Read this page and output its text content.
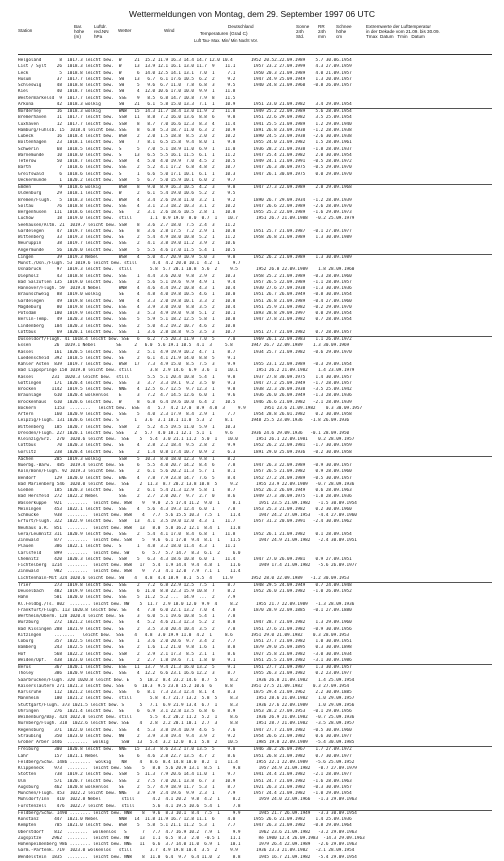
Wettermeldungen von Montag, dem 29. September 1997 06 UTC
Station
Bar.
höhe
(m)
Luftdr.
red.NN
hPa
Wetter	Wind
Deutschland
Temperaturen (Grad C)
Luft Tau- Max. Min/ Min Nacht Vor.
Sonne
24h
Std.
RR
24h
mm
Schnee
höhe
cm
Extremwerte der Lufttemperatur
in der Dekade vom 21.09. bis 30.09.
Tmax  Datum   Tmin   Datum
Helgoland       8  1017.3 leicht bew.  W     21  15.2 11.9 16.3 14.4 14.7 12.0 10.4       1952 20.52.22.09.1989    5.7 30.06.1954
List / Sylt    26  1018.3 leicht bew.  W     13  13.9 12.1 16.1 13.0 11.7  9    11.1       1957 23.2 27.09.1999    4.3 27.09.1959
Leck            5  1018.8 leicht bew.  W      6  14.0 12.5 14.1 13.1  7.0  1     7.1       1950 20.3 21.09.1989    4.0 21.09.1957
Husum          37  1017.7 leicht bew.  SW    13   6.7  6.1 17.6 10.5  6.2  2     9.2       1947 24.9 25.09.1949    1.3 20.09.1957
Schleswig      48  1018.8 leicht bew.  SW     5   9.6  6.7 11.0  7.8  6.8  3     9.5       1940 24.8 21.09.1960   -0.8 26.09.1957
Kiel           40  1018.7 leicht bew.  SW     4  12.0 10.6 17.0 10.0  9.9  1    11.8
Westermarkelsd  9  1017.7 leicht bew.  SSE    9   8.5  6.8 14.7 10.8  7.9  8    11.5
Arkona         42  1018.3 wolkig       SW    21   6.1  5.8 15.0 13.3  7.1  1    10.9       1951 23.0 21.09.1982    3.4 29.09.1954
Norderney      16  1018.3 wolkig       WNW   15  14.3 11.7 18.4 13.0 11.9  2    11.8       1949 25.2 22.09.1989    5.6 28.09.1954
Bremerhaven    11  1017.7 leicht bew.  SSW   11   8.8  7.2 16.0 13.6  8.8  6     9.8       1951 22.6 29.09.1982    3.5 25.09.1954
Cuxhaven       12  1017.7 leicht bew.  SSW    8   8.7  7.0 16.6 12.3  8.3  4    11.4       1941 25.5 21.09.1989    1.2 29.09.1940
Hamburg/Fuhlsb. 15  1018.4 leicht bew. SSE    8   6.8  5.3 18.7 11.0  6.3  2    10.9       1891 26.8 23.09.1938   -1.2 28.09.1938
Lübeck         16  1018.4 leicht bew.  WSW    2   2.0  1.5 18.8  8.5  2.0  2    10.2       1890 24.5 23.09.1938   -2.6 30.09.1938
Boltenhagen    23  1018.1 leicht bew.  SW     7   8.1  6.5 15.8  9.4  8.0  1     9.8       1955 24.0 21.09.1982    1.5 28.09.1961
Schwerin       68  1018.5 leicht bew.  S      5   7.0  5.1 18.9 11.0  6.9  1    11.0       1936 28.2 21.09.1938   -1.8 28.09.1937
Warnemünde     10  1018.0 leicht bew.  S     13   6.5  5.5 16.1 11.5  6.1  1    11.2       1947 25.4 21.09.1982    2.0 30.09.1954
Teterow        50  1018.7 leicht bew.  SSW    4   5.0  4.0 19.9  7.0  4.5  2    10.5       1949 24.1 21.09.1991   -0.5 28.09.1972
Barth           7  1018.6 leicht bew.  SSE    2   5.2  4.1 17.2  6.8  4.8  2    10.7       1947 26.3 30.09.1975   -0.5 29.09.1970
Greifswald      6  1018.6 leicht bew.  S      1   6.6  5.0 17.1 10.1  6.1  1    10.3       1947 26.1 30.09.1975    0.0 29.09.1970
Ueckermünde     1  1020.2 leicht bew.  SSW    5   6.7  5.0 15.9 10.1  6.0  2     9.7
Emden           9  1018.6 wolkig       WSW    8   9.0  8.9 16.3 10.5  4.2  3     9.8       1947 27.3 22.09.1989    2.8 29.09.1968
Oldenburg      29  1018.1 leicht bew.  W      2   6.1  5.4 19.0 10.6  5.2  2     9.5
Bremen/Flugh.   5  1018.3 leicht bew.  WSW    4   3.4  2.6 19.8 11.0  3.2  1     9.2       1890 26.7 29.09.1934   -1.2 28.09.1939
Soltau         76  1018.8 leicht bew.  SSE    4   3.1  2.3 18.2 10.3  3.1  2    10.2       1947 26.6 22.09.1989   -2.6 28.09.1970
Bergenhusen   111  1018.6 leicht bew.  SE     2   3.1  2.6 18.6 10.5  2.8  1    10.8       1955 25.2 22.09.1989   -1.6 29.09.1973
Lüchow         18  1019.0 leicht bew.  still       1.1  0.9 19.0  8.0  0.7  1    10.7       1951 26.7 21.09.1988   -0.2 25.09.1979
Seehausen/Altm. 21  1019.7 leicht bew. SSW    8   3.6  2.7 18.0  7.5  2.4  3    11.2
Gardelegen     47  1019.7 leicht bew.  SE     8   3.6  2.8 17.5  7.2  2.9  1    10.8       1951 25.7 21.09.1987   -0.1 27.09.1977
Wittenberg     33  1019.3 leicht bew.  SE     2   5.4  4.9 18.0 10.8  5.2  1    11.2       1958 26.8 21.09.1989    1.3 30.09.1989
Neuruppin      38  1019.7 leicht bew.  SSE    2   4.1  3.8 19.0 11.2  3.9  2    10.6
Angermünde     56  1020.0 leicht bew.  SSW    5   5.5  4.6 17.0 11.5  5.4  1    10.5
Lingen         39  1019.3 Nebel        WSW    4   5.0  4.7 20.9 10.9  5.0  3     9.8       1952 26.2 21.09.1989    1.3 30.09.1989
Münst./Osn./Flugh. 53 1019.6 leicht bew. still      4.4  4.2 20.0 10.1  4.2  1     9.7
Osnabrück      97  1019.3 leicht bew.  still       5.8  5.7 20.1 10.8  5.6  2     9.5       1952 26.8 22.09.1989    1.8 28.09.1960
Diepholz       43  1018.8 leicht bew.  SSE    1   4.4  3.6 20.0  9.8  2.9  2    10.3       1958 25.2 21.09.1989   -0.3 28.09.1960
Bad Salzuflen 135  1019.0 leicht bew.  SSE    2   5.6  5.1 19.6  9.9  4.9  1     9.4       1957 26.5 22.09.1989   -1.1 28.09.1957
Hannover/Flugh. 59  1019.4 Nebel       WNW    4   4.6  4.4 19.2 10.8  4.3  1    10.4       1930 27.6 27.09.1938   -1.3 30.09.1936
Braunschweig   88  1019.0 wolkig       SE     4   4.8  4.0 19.8 10.5  4.6  1    10.0       1951 26.7 26.09.1949   -0.8 30.09.1954
Gardelegen     49  1019.8 leicht bew.  SW     4   3.3  2.0 19.8 10.1  3.3  2    10.8       1951 26.8 21.09.1989   -0.4 27.09.1960
Magdeburg      80  1019.8 leicht bew.  ESE    4   3.9  3.0 19.0  8.8  3.5  2    10.4       1951 25.9 21.09.1982   -0.2 29.09.1970
Potsdam       100  1019.9 leicht bew.  SSE    3   5.3  4.9 19.0  9.8  5.1  2    10.1       1893 28.8 29.09.1997    0.0 29.09.1954
Berlin-Temp.   49  1020.3 leicht bew.  SSE    5   5.9  5.1 18.2 12.5  5.8  1    10.8       1947 27.8 21.09.1982    0.7 28.09.1954
Lindenberg    104  1020.3 leicht bew.  SSE    2   5.0  4.2 19.2 10.7  4.6  2    10.8
Cottbus        69  1020.1 leicht bew.  SSE    1   3.6  2.8 18.8  9.5  3.5  3    10.7       1951 27.7 21.09.1982    0.7 28.09.1957
Düsseldorf/Flugh. 41 1018.4 leicht bew. SSE   6   6.2  7.5 20.3 11.9  7.0  5     7.0       1969 26.1 22.09.1983    1.1 26.09.1972
Essen         26  1019.1 Nebel        SE     2   6.0  5.6 19.1 10.5  4.1  3     5.8       1947 26.7 22.09.1989    1.3 30.09.1969
Kassel        161  1020.5 leicht bew.  SSE    2   5.1  4.9 19.9 10.2  4.7  1     8.7       1934 25.7 21.09.1982   -0.6 29.09.1970
Luedenscheid  392  1018.5 leicht bew.  SE     2   6.1  4.1 21.9 14.0  8.8  5     9.1
Kahler Asten  839  1019.7 leicht bew.  WSW   17   7.3  4.9 15.0  8.5  7.5  3     9.9       1955 23.1 22.09.1989   -0.3 29.09.1954
Bad Lippspringe 158 1019.8 leicht bew. still       3.8  2.9 14.6  6.9  3.6  1    10.1       1951 26.2 21.09.1982    1.4 23.09.1979
Kassel       231  1020.3 leicht bew.  still       5.5  5.1 20.4 10.8  5.4  1     9.8       1937 27.8 30.09.1975    1.4 30.09.1957
Göttingen     171  1020.4 leicht bew.  SSE    3   3.7  3.3 19.1  9.2  3.5  0     9.3       1947 27.2 25.09.1949   -1.7 28.09.1957
Brocken      1142  1019.5 leicht bew.  NNE    4  12.5  6.7 12.5  9.7 12.3  1     9.8       1938 22.3 20.09.1938   -3.5 25.09.1942
Braunlage     610  1020.4 wolkenlos    E      3   7.2  4.7 14.5 12.6  6.0  1     9.6       1936 26.0 26.09.1949   -1.3 28.09.1936
Brockenhaus   610  1020.6 leicht bew.  W      8   6.8  6.4 19.6 10.0  6.4  2    10.5       1946 26.6 21.09.1982   -2.1 28.09.1939
Bockern       1153  ........   leicht bew.  ESE   4   5.7  4.2 17.0  8.9  4.8  3     9.9       1951 23.6 21.09.1982    0.3 30.09.1957
Artern        160  1020.9 leicht bew.  SSE    5   4.0  2.3 17.9  8.4  2.9  1     7.7       1954 28.8 26.01.1982    0.2 30.09.1958
Leipzig/Flugh. 131 1020.6 leicht bew. S      1   3.6  3.1 18.1 11.0  5.3  2     8.1       1948 25.5 23.09.1936   -1.8 26.09.1936
Wittenberg    105  1020.7 leicht bew.  SSW    2   5.2  4.5 19.5 11.0  5.9  1    10.3
Dresden/Flugh. 227 1020.1 leicht bew. SSE    2   5.7  4.0 18.1 12.1  5.1  1     9.6       1936 24.6 29.09.1936   -0.1 28.09.1950
Kleinzig/Erz.  270  1020.6 leicht bew.  SSE    5   5.4  3.0 21.1 11.2  5.0  1    10.0       1951 26.1 22.09.1981    0.2 28.09.1957
Cottbus        70  1020.3 leicht bew.  SE     4   2.8  2.2 18.4  9.5  2.8  2     9.9       1952 26.2 22.09.1981   -1.7 30.09.1959
Görlitz       238  1020.4 leicht bew.  SE     2   1.4  0.8 17.4 10.7  0.9  2     6.3       1891 29.0 25.09.1936   -0.2 30.09.1958
Aachen        205  1019.3 wolkig       SSW    5  10.3  8.0 18.0 12.3  9.8  1     8.2
Nuerbg.-Barw.  485  1019.4 leicht bew. SE     6   5.5  4.0 20.7 14.2  8.4  6     7.8       1947 26.3 22.09.1989   -0.9 30.09.1957
Köln/Bonn/Flugh. 92 1019.3 leicht bew. SE     2   6.1  5.6 20.2 11.3  5.7  1     8.1       1957 26.5 21.09.1982    0.9 28.09.1960
Bendorf       129  1020.0 leicht bew.  ENE    4   7.8  7.9 23.8 14.7  7.6  5     8.4       1952 27.2 24.09.1989   -0.5 30.09.1957
Bad Marienberg 546  1020.0 leicht bew.  SSE    2  11.3  8.7 20.2 13.8 10.8  5     9.2       1955 23.9 22.09.1989   -0.7 28.09.1936
Gießen        185  1020.3 leicht bew.  SE     2   6.1  5.4 21.3 12.9  5.8  1     8.7       1952 26.2 26.09.1949    0.6 28.09.1963
Bad Hersfeld  272  1022.2 Nebel        SSE    2   2.7  2.0 20.7  9.7  2.7  0     8.6       1949 27.3 30.09.1975   -1.8 28.09.1936
Wasserkuppe   921  ........  leicht bew. WSW    9   9.0  2.5 17.4 11.2  9.0  1     8.1       1951 23.5 21.09.1982   -1.5 30.09.1954
Meiningen     453  1022.1 leicht bew.  SSE    4   5.6  4.3 19.3 12.4  6.0  1     7.8       1953 25.3 21.09.1982    0.2 30.09.1960
Schmücke      938  ........  leicht bew. WSW    4   7.7  5.6 15.5 10.3  7.5  1    11.4       1947 24.2 27.09.1953   -4.4 27.09.1960
Erfurt/Flugh. 322  1022.9 leicht bew.  SSW   13   4.1  3.5 19.0 12.0  4.3  1    11.7       1957 31.2 20.09.1991   -2.4 30.09.1962
Neuhaus a.R.  851  ........  leicht bew. WSW   13   8.0  5.8 16.2 12.1  8.4  1    11.8
Gera/Leumnitz 311  1020.9 leicht bew.  SSE    2   5.4  4.1 17.0  8.4  6.8  1    11.8       1952 26.1 21.09.1982    0.1 28.09.1954
Zinnwald      877  ........  leicht bew. SSW    5   9.6  6.1 17.0  9.4  8.1  1    11.5       1947 24.9 21.09.1982   -2.4 30.09.1951
Plauen        386  1022.1 leicht bew.  S      1   4.8  3.2 18.0 11.4  4.3  1    11.1
Carlsfeld     899  ........  leicht bew. SW     6   5.7  5.7 14.7  8.3  6.1  2     6.0
Chemnitz      420  1020.3 leicht bew.  SSW    5   6.3  4.3 18.6 10.8  6.0  1    11.4       1947 27.0 26.09.1981    0.9 27.09.1951
Fichtelberg  1214  ........  leicht bew. WSW   17   5.4  1.9 14.4  9.4  4.8  1    11.6       1949 17.4 21.09.1982   -5.6 26.09.1977
Zinnwald      982  ........  leicht bew. WSW    9   7.3  4.1 12.0  7.9  7.1  1    11.4
Lichtenhain-Mit 324 1020.6 leicht bew. SW    4   4.8  4.4 18.9  8.1  5.5  4    11.9       1952 28.0 22.09.1989   -1.2 30.09.1953
Trier         273  1019.8 leicht bew.  SSE    2   7.2  6.8 22.9 12.5  7.5  1     8.7       1948 29.5 24.09.1949    0.7 24.09.1948
Deuselbach    482  1019.9 leicht bew.  SSE    6  11.0  8.8 22.3 15.9 10.8  7     8.2       1952 26.0 21.09.1982   -1.0 26.09.1952
Hahn          501  1020.0 leicht bew.  SSE    5  11.2  5.2 ...  14.9  ...  2     7.9
Kl.Feldbg./Ts. 802  ........ leicht bew. NW    5  11.7  2.9 18.0 12.0  9.9  4     8.2       1955 21.7 22.09.1989   -1.3 28.09.1936
Frankfurt/Flugh. 113 1020.8 leicht bew. SE    4   7.8  6.0 22.1 13.2  7.0  4     7.8       1870 28.9 22.09.1885   -0.1 27.09.1880
Wertheim/Oberm. 128 1020.4 leicht bew. SE     3   6.0  5.1 19.6 10.8  5.4  1     7.8
Würzburg      272  1021.2 leicht bew.  SE     4   5.2  4.6 21.3 12.3  5.2  2     8.8       1947 28.7 21.09.1982    1.3 29.09.1960
Bad Kissingen 288  1021.9 leicht bew.  SE     2   3.5  3.0 20.4 10.4  3.5  2     7.8       1951 27.6 21.09.1982   -0.9 30.09.1956
Kitzingen     ........   leicht bew.  SSE    4   4.8  3.0 19.9 11.0  4.2  1     8.6       1951 29.0 21.09.1982    0.3 28.09.1953
Coburg        357  1022.5 leicht bew.  SE     1   3.6  2.0 20.6  9.7  3.4  2     7.7       1951 27.7 21.09.1982    1.0 30.09.1951
Bamberg       243  1022.5 leicht bew.  SE     2   1.6  1.2 21.0  9.8  1.6  1     8.8       1879 29.0 25.09.1895    0.3 30.09.1898
Hof           568  1022.2 leicht bew.  SSW    2   2.9  2.1 17.3  8.5  2.1  1     8.6       1927 25.8 21.09.1982   -3.0 30.09.1934
Weiden/Opf.   438  1023.0 leicht bew.  SE     2   2.7  1.8 19.6  7.1  1.8  0     9.1       1951 25.5 21.09.1982   -3.1 30.09.1986
Berus         367  1020.1 leicht bew.  ESE   11  13.7  9.4 21.3 16.0 13.2  5     9.1       1951 27.7 21.09.1987    1.3 30.09.1957
Tholey        386  1020.9 leicht bew.  SSE    4  12.2  6.6 23.1 16.6 12.2  3     8.7       1955 26.3 21.09.1982    0.2 23.09.1977
Saarbrücken/Flugh. 320 1020.8 leicht bew. E    5  18.2  8.4 23.2 14.6  8.7  5     8.2       1936 26.8 21.09.1982    1.4 25.09.1954
Kaiserslautern 271 1021.3 leicht bew. SSE    6  10.3  9.5 23.8 15.2 10.6  6     8.8       1951 27.5 21.09.1982    0.3 27.09.1954
Karlsruhe     112  1021.2 leicht bew.  SSE    6   8.1  7.3 23.3 12.4  8.1  4     8.3       1875 29.4 21.09.1962    2.2 30.09.1885
Mannheim      100  1021.2 leicht bew.  still       5.8  4.7 21.7 13.2  5.8  5     8.3       1951 28.6 21.09.1982    1.0 29.09.1957
Stuttgart/Flugh. 373 1021.5 leicht bew. S      5   7.1  6.9 21.9 13.4  6.7  1     8.3       1936 27.6 22.09.1989    1.0 29.09.1956
Öhringen      276  1021.4 leicht bew.  SE     6   6.9  3.1 22.8 13.5  6.8  6     8.9       1953 28.2 27.09.1953   -0.1 29.09.1956
Weißenburg/Bay. 424 1022.0 leicht bew. still       5.5  4.2 20.2 11.2  5.2  1     8.6       1936 26.9 21.09.1982   -0.7 25.09.1936
Nürnberg/Flugh. 318  1022.6 leicht bew. SSE    4   2.8  2.2 20.1 10.1  2.7  3     8.8       1951 28.7 21.09.1982   -3.5 28.09.1957
Regensburg    371  1022.0 leicht bew.  SSE    4   5.3  3.8 19.4 10.9  4.6  5     7.6       1947 27.7 21.09.1982   -0.5 30.09.1960
Straubing     350  1023.0 leicht bew.  NW     2   3.9  3.8 19.4  9.4  3.9  2     9.2       1954 26.6 21.09.1982    0.6 30.09.1977
Großer Arber 1446  ........  wolkig     SSW   13   5.4  3.2 12.0  8.1  5.8  2    10.5       1985 19.8 22.09.1989   -5.4 30.09.1985
Freiburg      300  1020.8 leicht bew.  NNE   15  13.3  8.6 23.2 17.0 13.5  5     9.0       1946 30.2 26.09.1967    1.7 27.09.1972
Lahr          157  1021.1 Nebel        SE     6   4.6  2.8 22.7 13.5  4.7  2     8.6       1951 26.8 21.09.1982    0.7 30.09.1977
Feldberg/Schw. 1486 ........  wolkig    NW     4   8.6  8.4 14.8 10.0  8.2  1    11.4       1955 22.1 22.09.1989   -5.6 25.09.1952
Klippeneck    973  ........  leicht bew. SSE    5   8.0  5.6 20.9 13.1  8.5  1     9.8       1957 24.9 21.09.1982   -0.7 27.09.1979
Stötten       738  1019.2 leicht bew.  SSW    5  11.3  7.9 20.6 14.4 11.0  1     9.7       1941 24.4 21.09.1982   -2.1 28.09.1977
Ulm           571  1020.7 leicht bew.  SSE    2   7.5  7.0 20.1 13.8  6.7  3    10.9       1951 24.7 21.09.1982   -1.6 28.09.1963
Augsburg      462  1020.8 wolkenlos    SE     2   5.7  4.9 18.9 11.7  5.3  1     8.7       1921 26.3 21.09.1982   -0.3 30.09.1957
München/Flugh. 453  1022.2 leicht bew. NNE    3   2.9  2.4 19.6  9.9  2.3  1     7.9       1957 24.4 21.09.1982   -1.0 29.09.1954
Mühldorf/Inn   410  1022.8 Nebel        still       4.2  4.1 20.2  9.8  4.2  1     8.2       1959 24.0 22.09.1966   -1.3 29.09.1963
Fürstenzell    476  1022.7 leicht bew.  still       5.6  4.1 19.5 10.6  5.4  1     7.8
Feldberg/Schw. 1490 ........ leicht bew. NNW    8   9.6  8.3 10.1  8.4  7.5  1     9.9       1945 21.7 26.09.1949   -3.3 30.09.1954
Konstanz      447  1021.0 Nebel        NNW   14  11.8 11.9 16.7 12.8 11.1  6     4.0       1955 26.6 21.09.1982    1.4 25.09.1936
Kempten       705  1021.0 leicht bew.  WSW    5   5.8  5.1 21.1 11.2  5.3  1     7.7       1947 26.3 21.09.1982   -0.8 29.09.1964
Oberstdorf    812  ........  wolkenlos   S      7   7.7  4.7 16.9 10.2  7.9  1     9.9       1962 23.6 21.09.1982   -3.2 29.09.1963
Zugspitze    2962  ........  leicht bew. NW    13   1.1  6.5  8.3  2.0  -0.5 1    11.1       Re 1900 12.4 26.09.1983  -14.3 29.09.1963
Hohenpeißenberg 986 ........ leicht bew. NNE   11   6.6  3.7 14.0 11.0  6.9  1    10.1       1979 26.4 22.09.1989   -2.6 29.09.1963
Garm.-Partenk. 719  1023.0 wolkenlos   still       3.7  4.9 19.8 10.4  3.5  2     9.9       1936 23.3 21.09.1982   -2.1 28.09.1954
Wendelstein  1835  ........  leicht bew. NNW    8  11.0  6.4  9.7  6.4 11.0  2     8.8       1945 16.7 21.09.1982   -5.4 29.09.1954
